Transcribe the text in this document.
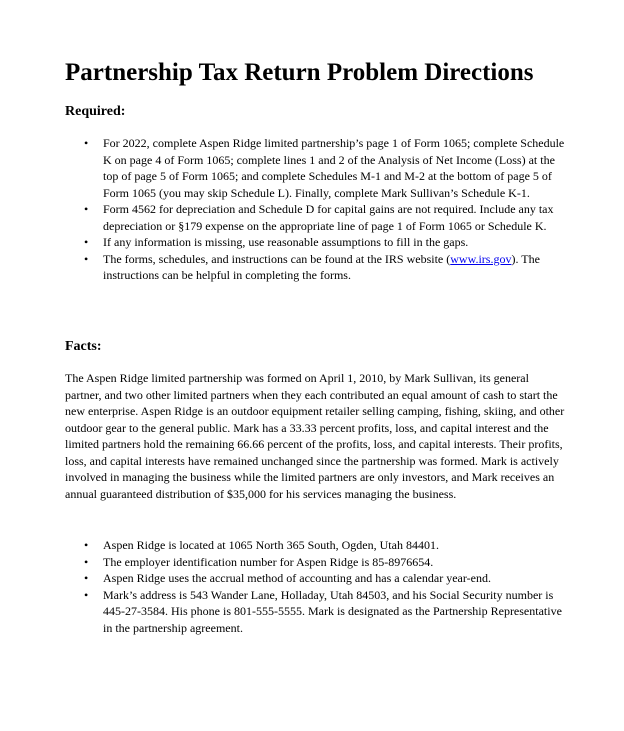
Partnership Tax Return Problem Directions
Required:
• For 2022, complete Aspen Ridge limited partnership’s page 1 of Form 1065; complete Schedule K on page 4 of Form 1065; complete lines 1 and 2 of the Analysis of Net Income (Loss) at the top of page 5 of Form 1065; and complete Schedules M-1 and M-2 at the bottom of page 5 of Form 1065 (you may skip Schedule L). Finally, complete Mark Sullivan’s Schedule K-1.
• Form 4562 for depreciation and Schedule D for capital gains are not required. Include any tax depreciation or §179 expense on the appropriate line of page 1 of Form 1065 or Schedule K.
• If any information is missing, use reasonable assumptions to fill in the gaps.
• The forms, schedules, and instructions can be found at the IRS website (www.irs.gov). The instructions can be helpful in completing the forms.
Facts:

The Aspen Ridge limited partnership was formed on April 1, 2010, by Mark Sullivan, its general partner, and two other limited partners when they each contributed an equal amount of cash to start the new enterprise. Aspen Ridge is an outdoor equipment retailer selling camping, fishing, skiing, and other outdoor gear to the general public. Mark has a 33.33 percent profits, loss, and capital interest and the limited partners hold the remaining 66.66 percent of the profits, loss, and capital interests. Their profits, loss, and capital interests have remained unchanged since the partnership was formed. Mark is actively involved in managing the business while the limited partners are only investors, and Mark receives an annual guaranteed distribution of $35,000 for his services managing the business.

• Aspen Ridge is located at 1065 North 365 South, Ogden, Utah 84401.
• The employer identification number for Aspen Ridge is 85-8976654.
• Aspen Ridge uses the accrual method of accounting and has a calendar year-end.
• Mark’s address is 543 Wander Lane, Holladay, Utah 84503, and his Social Security number is 445-27-3584. His phone is 801-555-5555. Mark is designated as the Partnership Representative in the partnership agreement.
